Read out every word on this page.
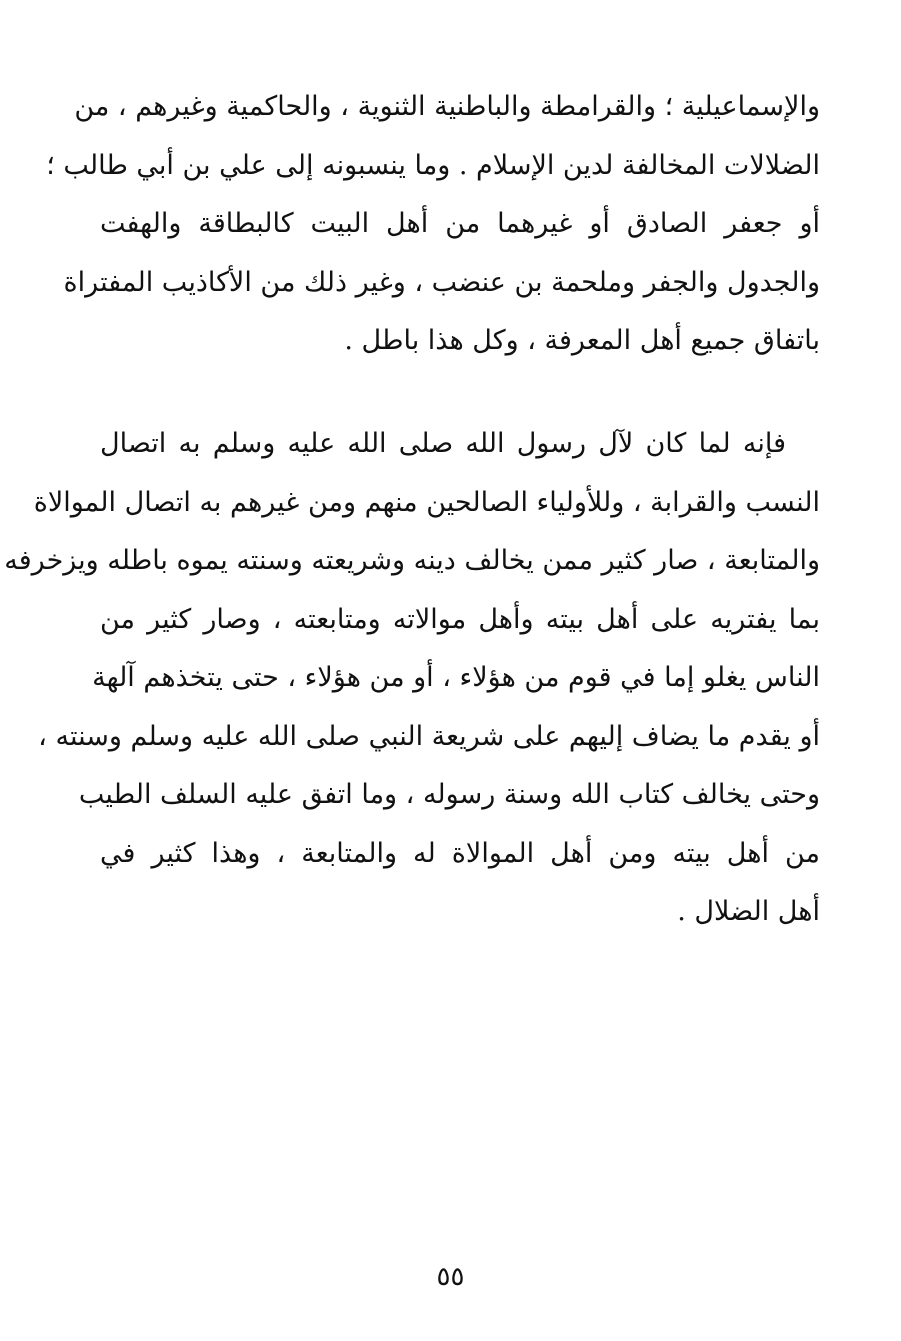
والإسماعيلية ؛ والقرامطة والباطنية الثنوية ، والحاكمية وغيرهم ، من
الضلالات المخالفة لدين الإسلام . وما ينسبونه إلى علي بن أبي طالب ؛
أو جعفر الصادق أو غيرهما من أهل البيت كالبطاقة والهفت
والجدول والجفر وملحمة بن عنضب ، وغير ذلك من الأكاذيب المفتراة
باتفاق جميع أهل المعرفة ، وكل هذا باطل .
فإنه لما كان لآل رسول الله صلى الله عليه وسلم به اتصال
النسب والقرابة ، وللأولياء الصالحين منهم ومن غيرهم به اتصال الموالاة
والمتابعة ، صار كثير ممن يخالف دينه وشريعته وسنته يموه باطله ويزخرفه
بما يفتريه على أهل بيته وأهل موالاته ومتابعته ، وصار كثير من
الناس يغلو إما في قوم من هؤلاء ، أو من هؤلاء ، حتى يتخذهم آلهة
أو يقدم ما يضاف إليهم على شريعة النبي صلى الله عليه وسلم وسنته ،
وحتى يخالف كتاب الله وسنة رسوله ، وما اتفق عليه السلف الطيب
من أهل بيته ومن أهل الموالاة له والمتابعة ، وهذا كثير في
أهل الضلال .
٥٥
